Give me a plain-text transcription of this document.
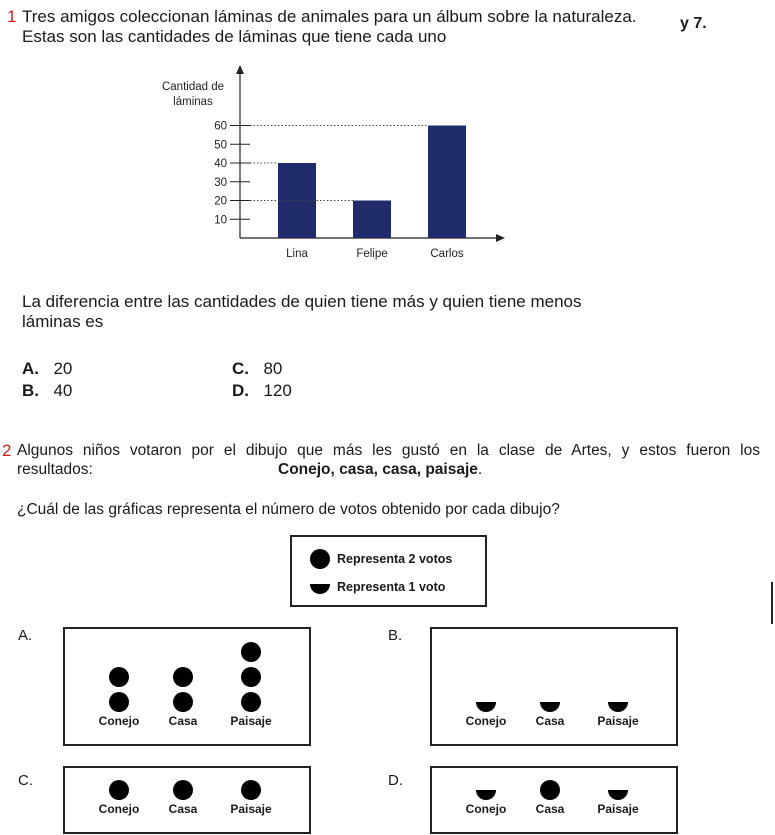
1 Tres amigos coleccionan láminas de animales para un álbum sobre la naturaleza.
Estas son las cantidades de láminas que tiene cada uno
y 7.
Cantidad de
láminas
10
20
30
40
50
60
Lina	Felipe	Carlos
La diferencia entre las cantidades de quien tiene más y quien tiene menos
láminas es
A. 20
B. 40
C. 80
D. 120
2 Algunos niños votaron por el dibujo que más les gustó en la clase de Artes, y estos fueron los
resultados:	Conejo, casa, casa, paisaje.
¿Cuál de las gráficas representa el número de votos obtenido por cada dibujo?
Representa 2 votos
Representa 1 voto
A.	B.
C.	D.
Conejo	Casa	Paisaje	Conejo	Casa	Paisaje
Conejo	Casa	Paisaje	Conejo	Casa	Paisaje
